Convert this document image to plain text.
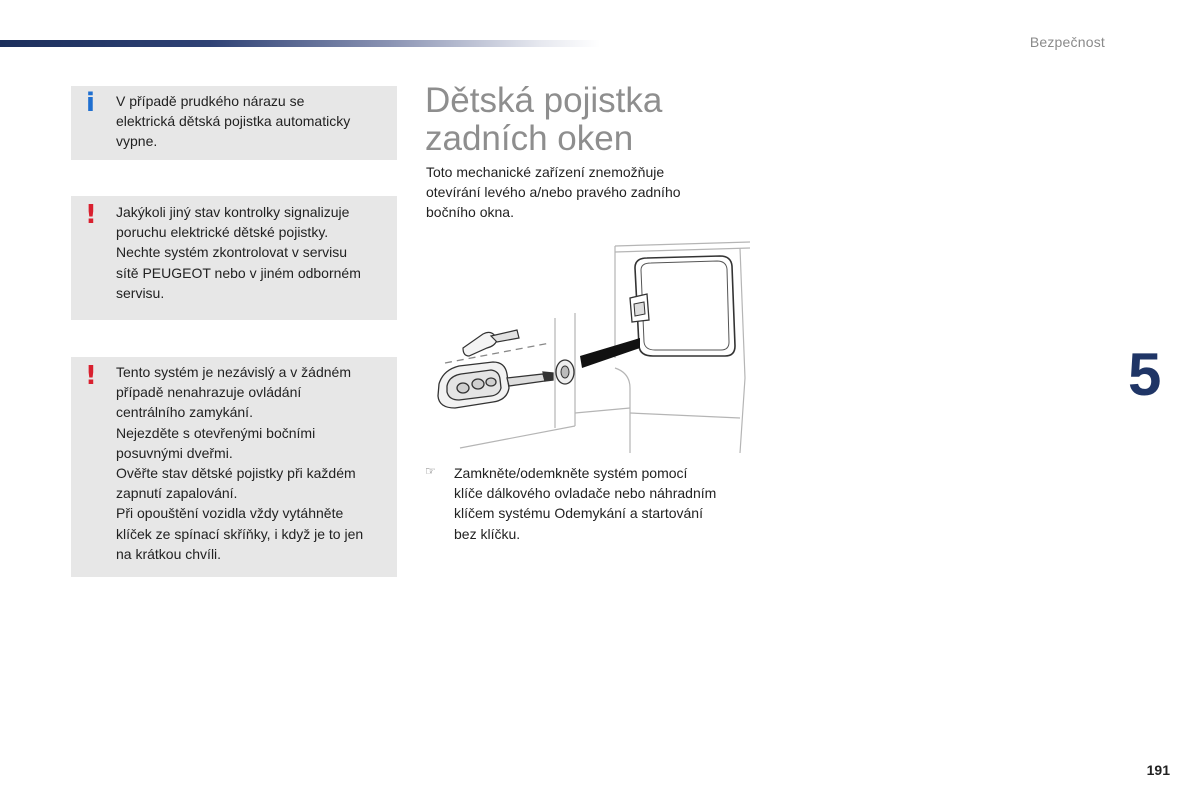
Bezpečnost
i V případě prudkého nárazu se

elektrická dětská pojistka automaticky

vypne.

! Jakýkoli jiný stav kontrolky signalizuje

poruchu elektrické dětské pojistky.

Nechte systém zkontrolovat v servisu

sítě PEUGEOT nebo v jiném odborném

servisu.

! Tento systém je nezávislý a v žádném

případě nenahrazuje ovládání

centrálního zamykání.

Nejezděte s otevřenými bočními

posuvnými dveřmi.

Ověřte stav dětské pojistky při každém

zapnutí zapalování.

Při opouštění vozidla vždy vytáhněte

klíček ze spínací skříňky, i když je to jen

na krátkou chvíli.

Dětská pojistka
zadních oken
Toto mechanické zařízení znemožňuje
otevírání levého a/nebo pravého zadního
bočního okna.
☞ Zamkněte/odemkněte systém pomocí
klíče dálkového ovladače nebo náhradním
klíčem systému Odemykání a startování
bez klíčku.
5
191
